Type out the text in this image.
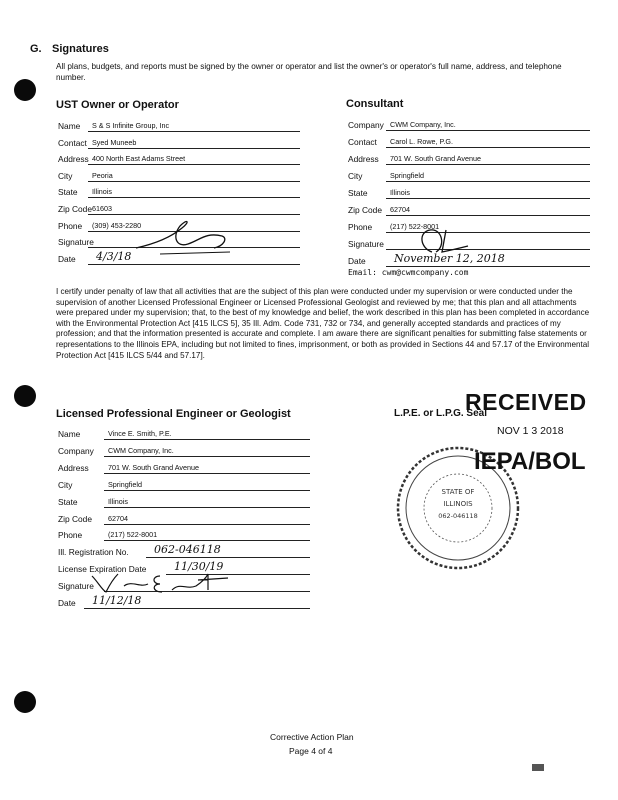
G. Signatures
All plans, budgets, and reports must be signed by the owner or operator and list the owner's or operator's full name, address, and telephone number.
UST Owner or Operator
Name S & S Infinite Group, Inc
Contact Syed Muneeb
Address 400 North East Adams Street
City	Peoria
State Illinois
Zip Code 61603
Phone (309) 453-2280
Signature
Date 4/3/18
Consultant
Company CWM Company, Inc.
Contact Carol L. Rowe, P.G.
Address 701 W. South Grand Avenue
City	Springfield
State	Illinois
Zip Code 62704
Phone (217) 522-8001
Signature
Date	November 12, 2018
Email: cwm@cwmcompany.com
I certify under penalty of law that all activities that are the subject of this plan were conducted under my supervision or were conducted under the supervision of another Licensed Professional Engineer or Licensed Professional Geologist and reviewed by me; that this plan and all attachments were prepared under my supervision; that, to the best of my knowledge and belief, the work described in this plan has been completed in accordance with the Environmental Protection Act [415 ILCS 5], 35 Ill. Adm. Code 731, 732 or 734, and generally accepted standards and practices of my profession; and that the information presented is accurate and complete. I am aware there are significant penalties for submitting false statements or representations to the Illinois EPA, including but not limited to fines, imprisonment, or both as provided in Sections 44 and 57.17 of the Environmental Protection Act [415 ILCS 5/44 and 57.17].
Licensed Professional Engineer or Geologist
Name	Vince E. Smith, P.E.
Company CWM Company, Inc.
Address	701 W. South Grand Avenue
City	Springfield
State	Illinois
Zip Code 62704
Phone	(217) 522-8001
Ill. Registration No. 062-046118
License Expiration Date	11/30/19
Signature
Date 11/12/18
L.P.E. or L.P.G. Seal
RECEIVED
NOV 1 3 2018
STATE OF
ILLINOIS
062-046118
IEPA/BOL
Corrective Action Plan
Page 4 of 4
